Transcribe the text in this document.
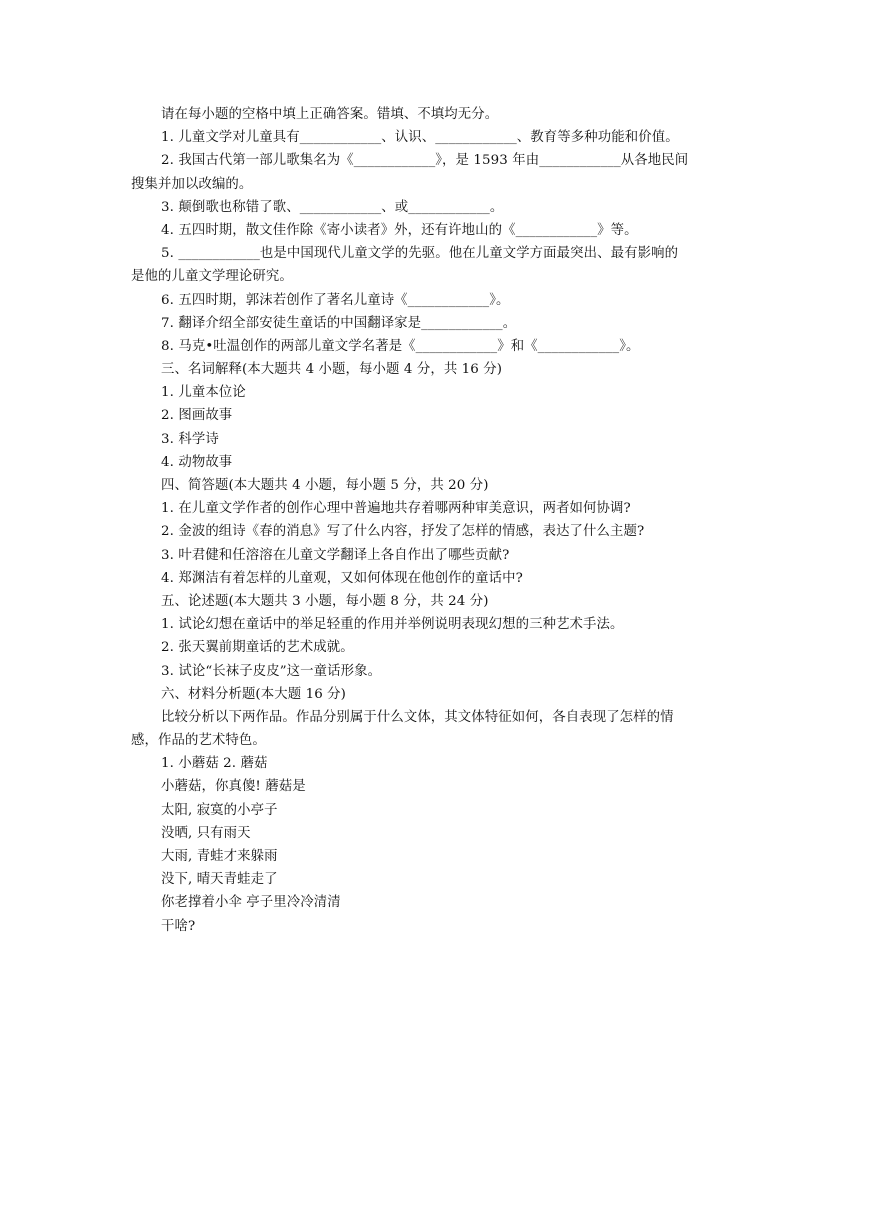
请在每小题的空格中填上正确答案。错填、不填均无分。
1. 儿童文学对儿童具有____________、认识、____________、教育等多种功能和价值。
2. 我国古代第一部儿歌集名为《____________》，是 1593 年由____________从各地民间
搜集并加以改编的。
3. 颠倒歌也称错了歌、____________、或____________。
4. 五四时期，散文佳作除《寄小读者》外，还有许地山的《____________》等。
5. ____________也是中国现代儿童文学的先驱。他在儿童文学方面最突出、最有影响的
是他的儿童文学理论研究。
6. 五四时期，郭沫若创作了著名儿童诗《____________》。
7. 翻译介绍全部安徒生童话的中国翻译家是____________。
8. 马克•吐温创作的两部儿童文学名著是《____________》和《____________》。
三、名词解释(本大题共 4 小题，每小题 4 分，共 16 分)
1. 儿童本位论
2. 图画故事
3. 科学诗
4. 动物故事
四、简答题(本大题共 4 小题，每小题 5 分，共 20 分)
1. 在儿童文学作者的创作心理中普遍地共存着哪两种审美意识，两者如何协调?
2. 金波的组诗《春的消息》写了什么内容，抒发了怎样的情感，表达了什么主题?
3. 叶君健和任溶溶在儿童文学翻译上各自作出了哪些贡献?
4. 郑渊洁有着怎样的儿童观，又如何体现在他创作的童话中?
五、论述题(本大题共 3 小题，每小题 8 分，共 24 分)
1. 试论幻想在童话中的举足轻重的作用并举例说明表现幻想的三种艺术手法。
2. 张天翼前期童话的艺术成就。
3. 试论“长袜子皮皮”这一童话形象。
六、材料分析题(本大题 16 分)
比较分析以下两作品。作品分别属于什么文体，其文体特征如何，各自表现了怎样的情
感，作品的艺术特色。
1. 小蘑菇 2. 蘑菇
小蘑菇，你真傻! 蘑菇是
太阳, 寂寞的小亭子
没晒, 只有雨天
大雨, 青蛙才来躲雨
没下, 晴天青蛙走了
你老撑着小伞 亭子里冷冷清清
干啥?
